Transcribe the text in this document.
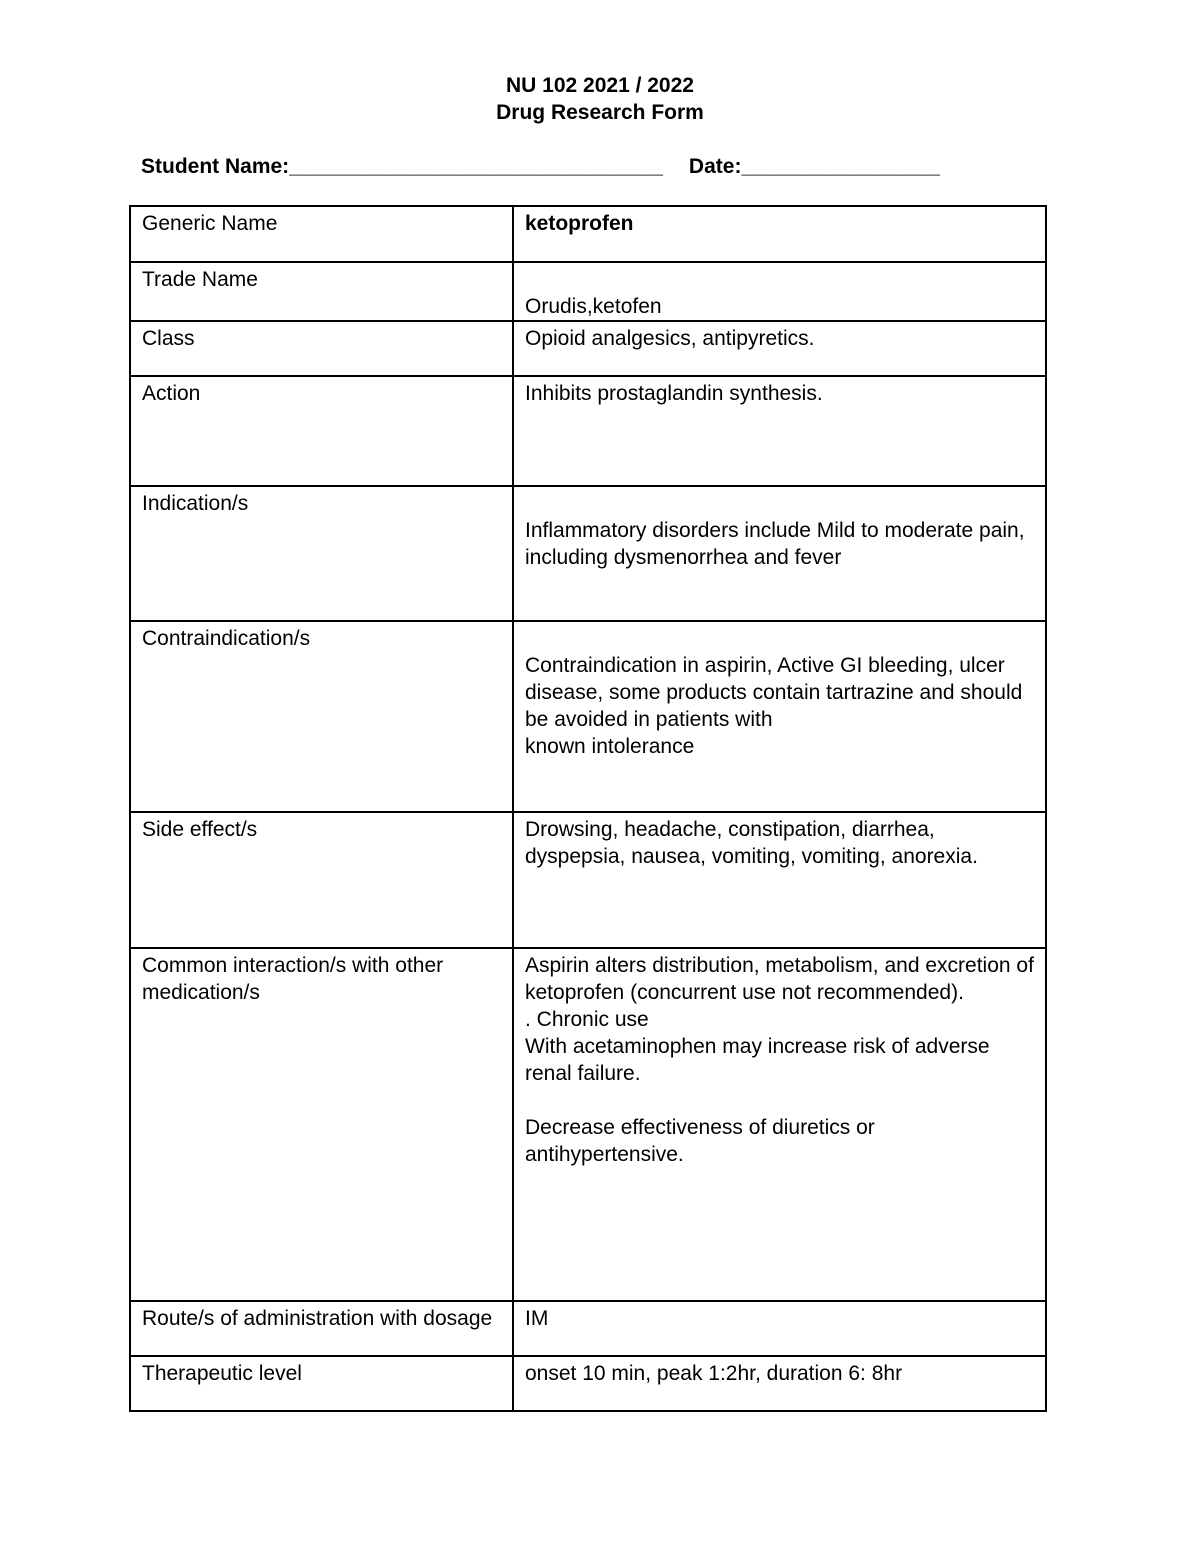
NU 102 2021 / 2022
Drug Research Form
Student Name:________________________________ Date:_________________
Generic Name	ketoprofen
Trade Name	Orudis,ketofen

Class	Opioid analgesics, antipyretics.
Action	Inhibits prostaglandin synthesis.
Indication/s	Inflammatory disorders include Mild to moderate pain, including dysmenorrhea and fever

Contraindication/s	Contraindication in aspirin, Active GI bleeding, ulcer disease, some products contain tartrazine and should be avoided in patients with
known intolerance

Side effect/s	Drowsing, headache, constipation, diarrhea, dyspepsia, nausea, vomiting, vomiting, anorexia.
Common interaction/s with other medication/s	Aspirin alters distribution, metabolism, and excretion of ketoprofen (concurrent use not recommended).
. Chronic use
With acetaminophen may increase risk of adverse renal failure.

Decrease effectiveness of diuretics or antihypertensive.
Route/s of administration with dosage	IM
Therapeutic level	onset 10 min, peak 1:2hr, duration 6: 8hr
